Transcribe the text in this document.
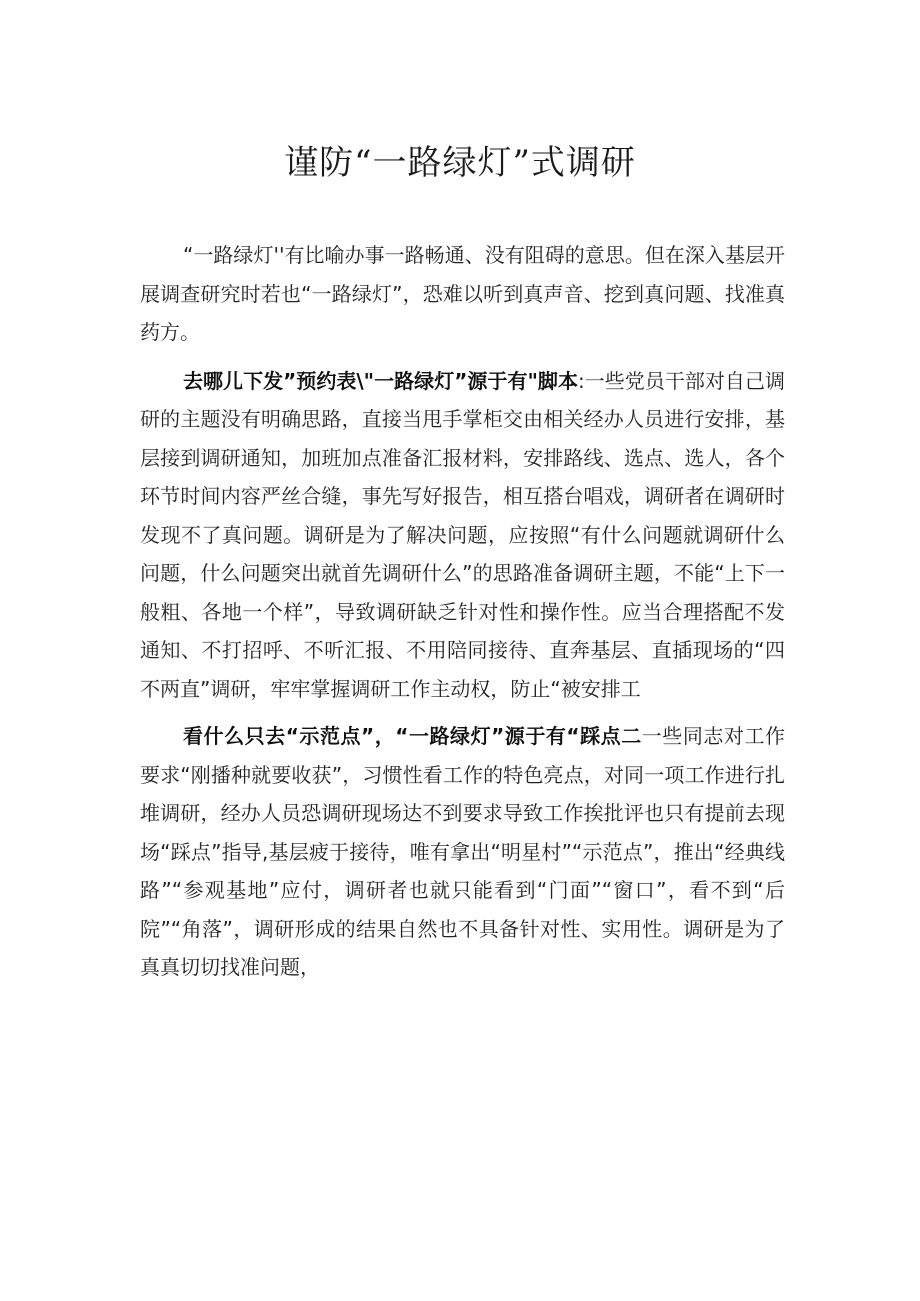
谨防“一路绿灯”式调研

“一路绿灯''有比喻办事一路畅通、没有阻碍的意思。但在深入基层开展调查研究时若也“一路绿灯”，恐难以听到真声音、挖到真问题、找准真药方。

去哪儿下发”预约表\"一路绿灯”源于有"脚本:一些党员干部对自己调研的主题没有明确思路，直接当甩手掌柜交由相关经办人员进行安排，基层接到调研通知，加班加点准备汇报材料，安排路线、选点、选人，各个环节时间内容严丝合缝，事先写好报告，相互搭台唱戏，调研者在调研时发现不了真问题。调研是为了解决问题，应按照“有什么问题就调研什么问题，什么问题突出就首先调研什么”的思路准备调研主题，不能“上下一般粗、各地一个样”，导致调研缺乏针对性和操作性。应当合理搭配不发通知、不打招呼、不听汇报、不用陪同接待、直奔基层、直插现场的“四不两直”调研，牢牢掌握调研工作主动权，防止“被安排工

看什么只去“示范点”，“一路绿灯”源于有“踩点二一些同志对工作要求“刚播种就要收获”，习惯性看工作的特色亮点，对同一项工作进行扎堆调研，经办人员恐调研现场达不到要求导致工作挨批评也只有提前去现场“踩点”指导,基层疲于接待，唯有拿出“明星村”“示范点”，推出“经典线路”“参观基地”应付，调研者也就只能看到“门面”“窗口”，看不到“后院”“角落”，调研形成的结果自然也不具备针对性、实用性。调研是为了真真切切找准问题，
